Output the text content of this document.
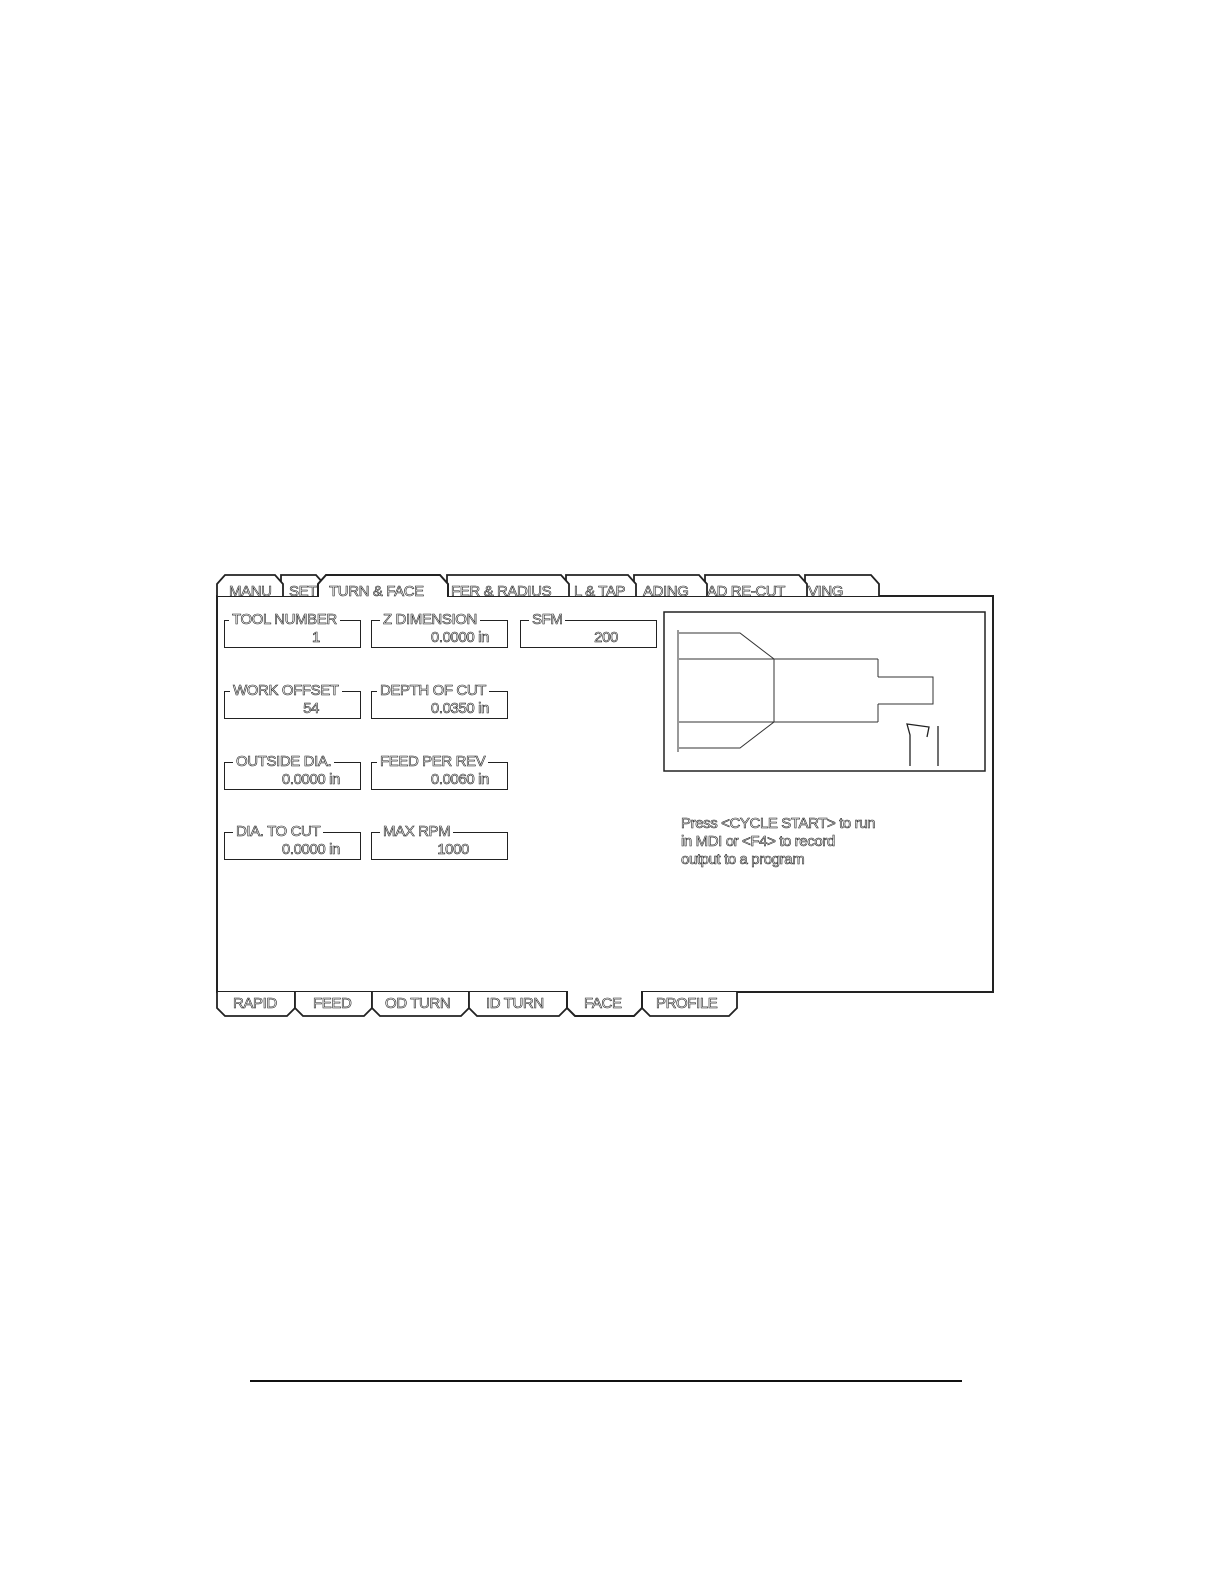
MANU SET TURN & FACE FER & RADIUS L & TAP ADING AD RE-CUT VING
TOOL NUMBER
1
Z DIMENSION
0.0000 in
SFM
200
WORK OFFSET
54
DEPTH OF CUT
0.0350 in
OUTSIDE DIA.
0.0000 in
FEED PER REV
0.0060 in
DIA. TO CUT
0.0000 in
MAX RPM
1000
Press <CYCLE START> to run
in MDI or <F4> to record
output to a program
RAPID FEED OD TURN ID TURN	FACE PROFILE
